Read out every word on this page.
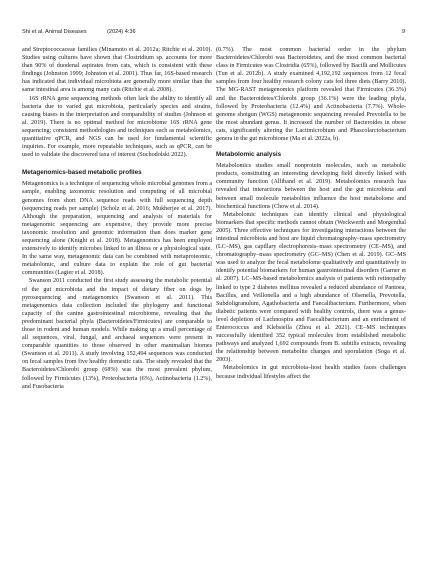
Shi et al. Animal Diseases	(2024) 4:36	9

and Streptococcaceae families (Minamoto et al. 2012a; Ritchie et al. 2010). Studies using cultures have shown that Clostridium sp. accounts for more than 90% of duodenal aspirates from cats, which is consistent with these findings (Johnston 1999; Johnston et al. 2001). Thus far, 16S-based research has indicated that individual microbiota are generally more similar than the same intestinal area is among many cats (Ritchie et al. 2008).

16S rRNA gene sequencing methods often lack the ability to identify all bacteria due to varied gut microbiota, particularly species and strains, causing biases in the interpretation and comparability of studies (Johnson et al. 2019). There is no optimal method for microbiome 16S rRNA gene sequencing; consistent methodologies and techniques such as metabolomics, quantitative qPCR, and NGS can be used for fundamental scientific inquiries. For example, more repeatable techniques, such as qPCR, can be used to validate the discovered taxa of interest (Suchodolski 2022).

Metagenomics-based metabolic profiles

Metagenomics is a technique of sequencing whole microbial genomes from a sample, enabling taxonomic resolution and computing of all microbial genomes from short DNA sequence reads with full sequencing depth (sequencing reads per sample) (Scholz et al. 2016; Mukherjee et al. 2017). Although the preparation, sequencing and analysis of materials for metagenomic sequencing are expensive, they provide more precise taxonomic resolution and genomic information than does marker gene sequencing alone (Knight et al. 2018). Metagenomics has been employed extensively to identify microbes linked to an illness or a physiological state. In the same way, metagenomic data can be combined with metaproteomic, metabolomic, and culture data to explain the role of gut bacterial communities (Lagier et al. 2018).

Swanson 2011 conducted the first study assessing the metabolic potential of the gut microbiota and the impact of dietary fiber on dogs by pyrosequencing and metagenomics (Swanson et al. 2011). This metagenomics data collection included the phylogeny and functional capacity of the canine gastrointestinal microbiome, revealing that the predominant bacterial phyla (Bacteroidetes/Firmicutes) are comparable to those in rodent and human models. While making up a small percentage of all sequences, viral, fungal, and archaeal sequences were present in comparable quantities to those observed in other mammalian biomes (Swanson et al. 2011). A study involving 152,494 sequences was conducted on fecal samples from five healthy domestic cats. The study revealed that the Bacteroidetes/Chlorobi group (68%) was the most prevalent phylum, followed by Firmicutes (13%), Proteobacteria (6%), Actinobacteria (1.2%), and Fusobacteria

(0.7%). The most common bacterial order in the phylum Bacteroidetes/Chlorobi was Bacteroidetes, and the most common bacterial class in Firmicutes was Clostridia (65%), followed by Bacilli and Mollicutes (Tun et al. 2012b). A study examined 4,192,192 sequences from 12 fecal samples from four healthy research colony cats fed three diets (Barry 2010). The MG-RAST metagenomics platform revealed that Firmicutes (36.3%) and the Bacteroidetes/Chlorobi group (36.1%) were the leading phyla, followed by Proteobacteria (12.4%) and Actinobacteria (7.7%). Whole-genome shotgun (WGS) metagenomic sequencing revealed Prevotella to be the most abundant genus. It increased the number of Bacteroides in obese cats, significantly altering the Lactimicrobium and Phascolarctobacterium genera in the gut microbiome (Ma et al. 2022a, b).

Metabolomic analysis

Metabolomics studies small nonprotein molecules, such as metabolic products, constituting an interesting developing field directly linked with community function (Alliband et al. 2019). Metabolomics research has revealed that interactions between the host and the gut microbiota and between small molecule metabolites influence the host metabolome and biochemical functions (Chow et al. 2014).

Metabolomic techniques can identify clinical and physiological biomarkers that specific methods cannot obtain (Weckwerth and Morgenthal 2005). Three effective techniques for investigating interactions between the intestinal microbiota and host are liquid chromatography–mass spectrometry (LC–MS), gas capillary electrophoresis–mass spectrometry (CE–MS), and chromatography–mass spectrometry (GC–MS) (Chen et al. 2019). GC–MS was used to analyze the fecal metabolome qualitatively and quantitatively to identify potential biomarkers for human gastrointestinal disorders (Garner et al. 2007). LC–MS-based metabolomics analysis of patients with retinopathy linked to type 2 diabetes mellitus revealed a reduced abundance of Pantoea, Bacillus, and Veillonella and a high abundance of Olsenella, Prevotella, Subdoligranulum, Agathobacteria and Faecalibacterium. Furthermore, when diabetic patients were compared with healthy controls, there was a genus-level depletion of Lachnospira and Faecalibacterium and an enrichment of Enterococcus and Klebsiella (Zhou et al. 2021). CE–MS techniques successfully identified 352 typical molecules from established metabolic pathways and analyzed 1,692 compounds from B. subtilis extracts, revealing the relationship between metabolite changes and sporulation (Soga et al. 2003).

Metabolomics in gut microbiota–host health studies faces challenges because individual lifestyles affect the
